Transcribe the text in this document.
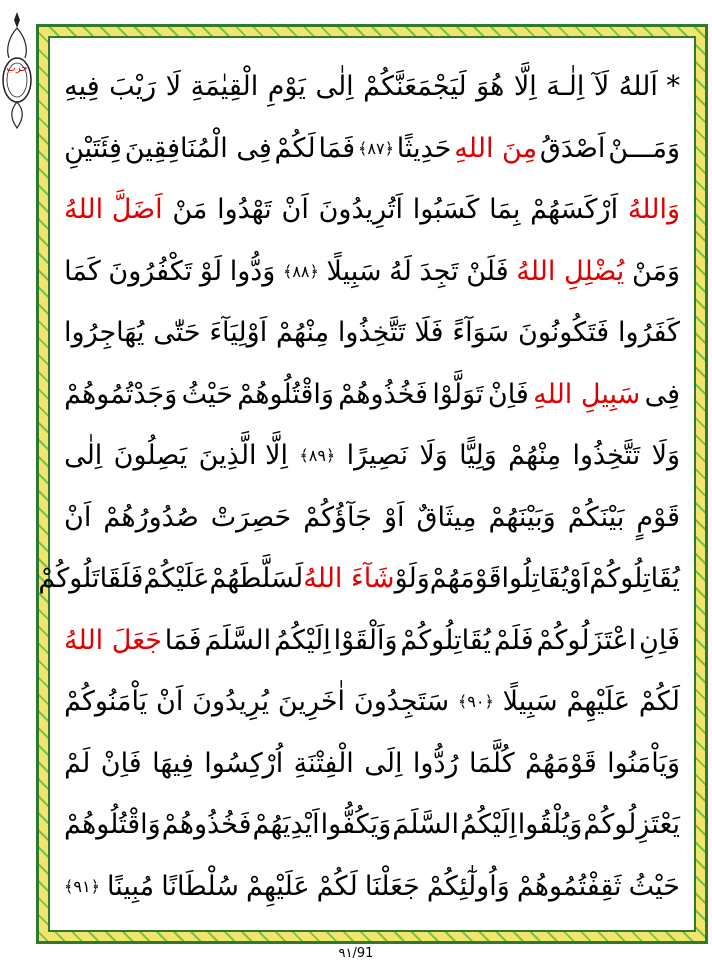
حزب
* اَللهُ
لَآ
اِلٰـهَ
اِلَّا
هُوَ
لَيَجْمَعَنَّكُمْ
اِلٰى
يَوْمِ
الْقِيٰمَةِ
لَا
رَيْبَ
فِيهِ
وَمَـــنْ
اَصْدَقُ
مِنَ اللهِ
حَدِيثًا
﴿۸۷﴾
فَمَا
لَكُمْ
فِى الْمُنَافِقِينَ
فِئَتَيْنِ
وَاللهُ
اَرْكَسَهُمْ
بِمَا
كَسَبُوا
اَتُرِيدُونَ
اَنْ
تَهْدُوا
مَنْ
اَضَلَّ اللهُ
وَمَنْ
يُضْلِلِ اللهُ
فَلَنْ
تَجِدَ
لَهُ
سَبِيلًا
﴿۸۸﴾
وَدُّوا
لَوْ
تَكْفُرُونَ
كَمَا
كَفَرُوا
فَتَكُونُونَ
سَوَآءً
فَلَا
تَتَّخِذُوا
مِنْهُمْ
اَوْلِيَآءَ
حَتّٰى
يُهَاجِرُوا
فِى
سَبِيلِ اللهِ
فَاِنْ
تَوَلَّوْا
فَخُذُوهُمْ
وَاقْتُلُوهُمْ
حَيْثُ
وَجَدْتُمُوهُمْ
وَلَا
تَتَّخِذُوا
مِنْهُمْ
وَلِيًّا
وَلَا
نَصِيرًا
﴿۸۹﴾
اِلَّا الَّذِينَ
يَصِلُونَ
اِلٰى
قَوْمٍ
بَيْنَكُمْ
وَبَيْنَهُمْ
مِيثَاقٌ
اَوْ
جَآؤُكُمْ
حَصِرَتْ
صُدُورُهُمْ
اَنْ
يُقَاتِلُوكُمْ
اَوْ
يُقَاتِلُوا
قَوْمَهُمْ
وَلَوْ
شَآءَ اللهُ
لَسَلَّطَهُمْ
عَلَيْكُمْ
فَلَقَاتَلُوكُمْ
فَاِنِ
اعْتَزَلُوكُمْ
فَلَمْ
يُقَاتِلُوكُمْ
وَاَلْقَوْا
اِلَيْكُمُ
السَّلَمَ
فَمَا
جَعَلَ اللهُ
لَكُمْ
عَلَيْهِمْ
سَبِيلًا
﴿۹۰﴾
سَتَجِدُونَ
اٰخَرِينَ
يُرِيدُونَ
اَنْ
يَاْمَنُوكُمْ
وَيَاْمَنُوا
قَوْمَهُمْ
كُلَّمَا
رُدُّوا
اِلَى
الْفِتْنَةِ
اُرْكِسُوا
فِيهَا
فَاِنْ
لَمْ
يَعْتَزِلُوكُمْ
وَيُلْقُوا
اِلَيْكُمُ
السَّلَمَ
وَيَكُفُّوا
اَيْدِيَهُمْ
فَخُذُوهُمْ
وَاقْتُلُوهُمْ
حَيْثُ
ثَقِفْتُمُوهُمْ
وَاُولٰٓئِكُمْ
جَعَلْنَا
لَكُمْ
عَلَيْهِمْ
سُلْطَانًا
مُبِينًا
﴿۹۱﴾
۹۱/91
